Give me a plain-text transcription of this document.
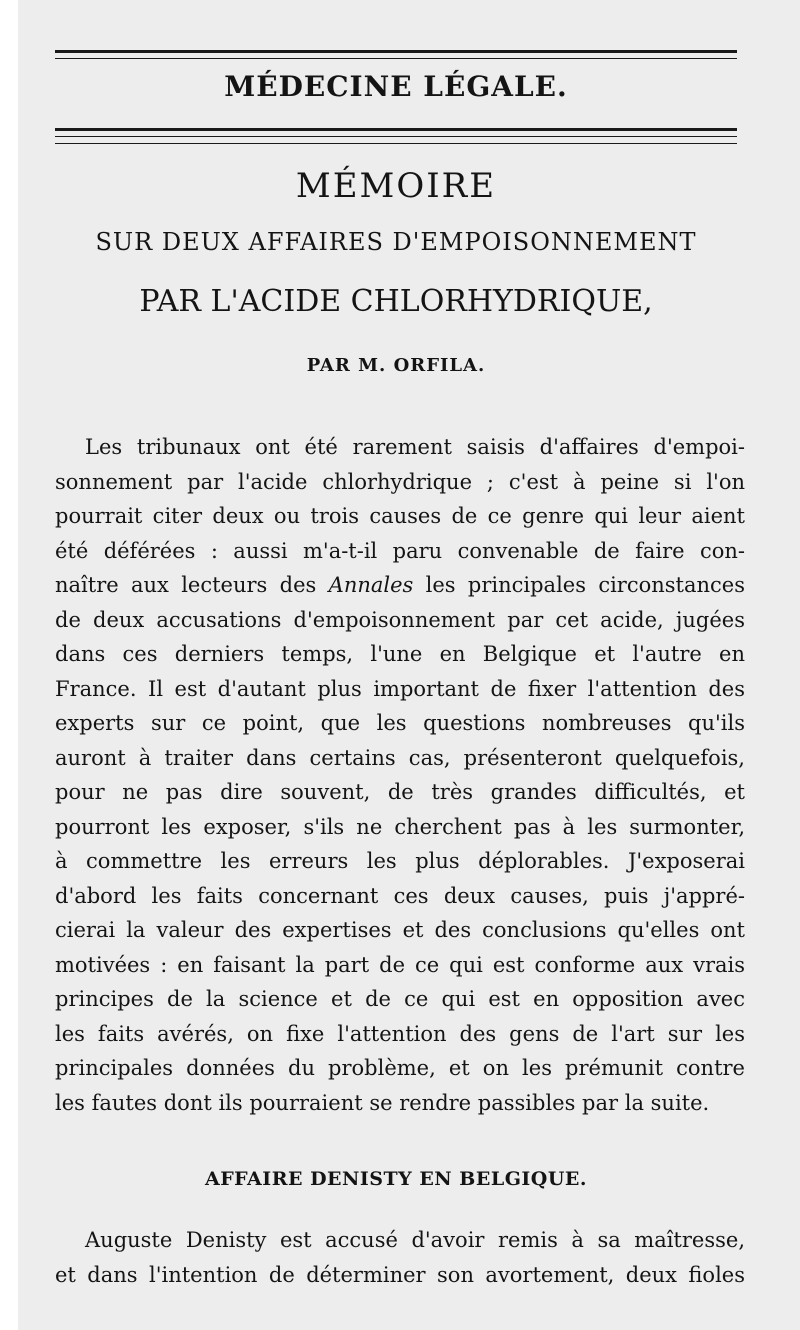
MÉDECINE LÉGALE.
MÉMOIRE
SUR DEUX AFFAIRES D'EMPOISONNEMENT
PAR L'ACIDE CHLORHYDRIQUE,
PAR M. ORFILA.
Les tribunaux ont été rarement saisis d'affaires d'empoi-
sonnement par l'acide chlorhydrique ; c'est à peine si l'on
pourrait citer deux ou trois causes de ce genre qui leur aient
été déférées : aussi m'a-t-il paru convenable de faire con-
naître aux lecteurs des Annales les principales circonstances
de deux accusations d'empoisonnement par cet acide, jugées
dans ces derniers temps, l'une en Belgique et l'autre en
France. Il est d'autant plus important de fixer l'attention des
experts sur ce point, que les questions nombreuses qu'ils
auront à traiter dans certains cas, présenteront quelquefois,
pour ne pas dire souvent, de très grandes difficultés, et
pourront les exposer, s'ils ne cherchent pas à les surmonter,
à commettre les erreurs les plus déplorables. J'exposerai
d'abord les faits concernant ces deux causes, puis j'appré-
cierai la valeur des expertises et des conclusions qu'elles ont
motivées : en faisant la part de ce qui est conforme aux vrais
principes de la science et de ce qui est en opposition avec
les faits avérés, on fixe l'attention des gens de l'art sur les
principales données du problème, et on les prémunit contre
les fautes dont ils pourraient se rendre passibles par la suite.
AFFAIRE DENISTY EN BELGIQUE.
Auguste Denisty est accusé d'avoir remis à sa maîtresse,
et dans l'intention de déterminer son avortement, deux fioles
